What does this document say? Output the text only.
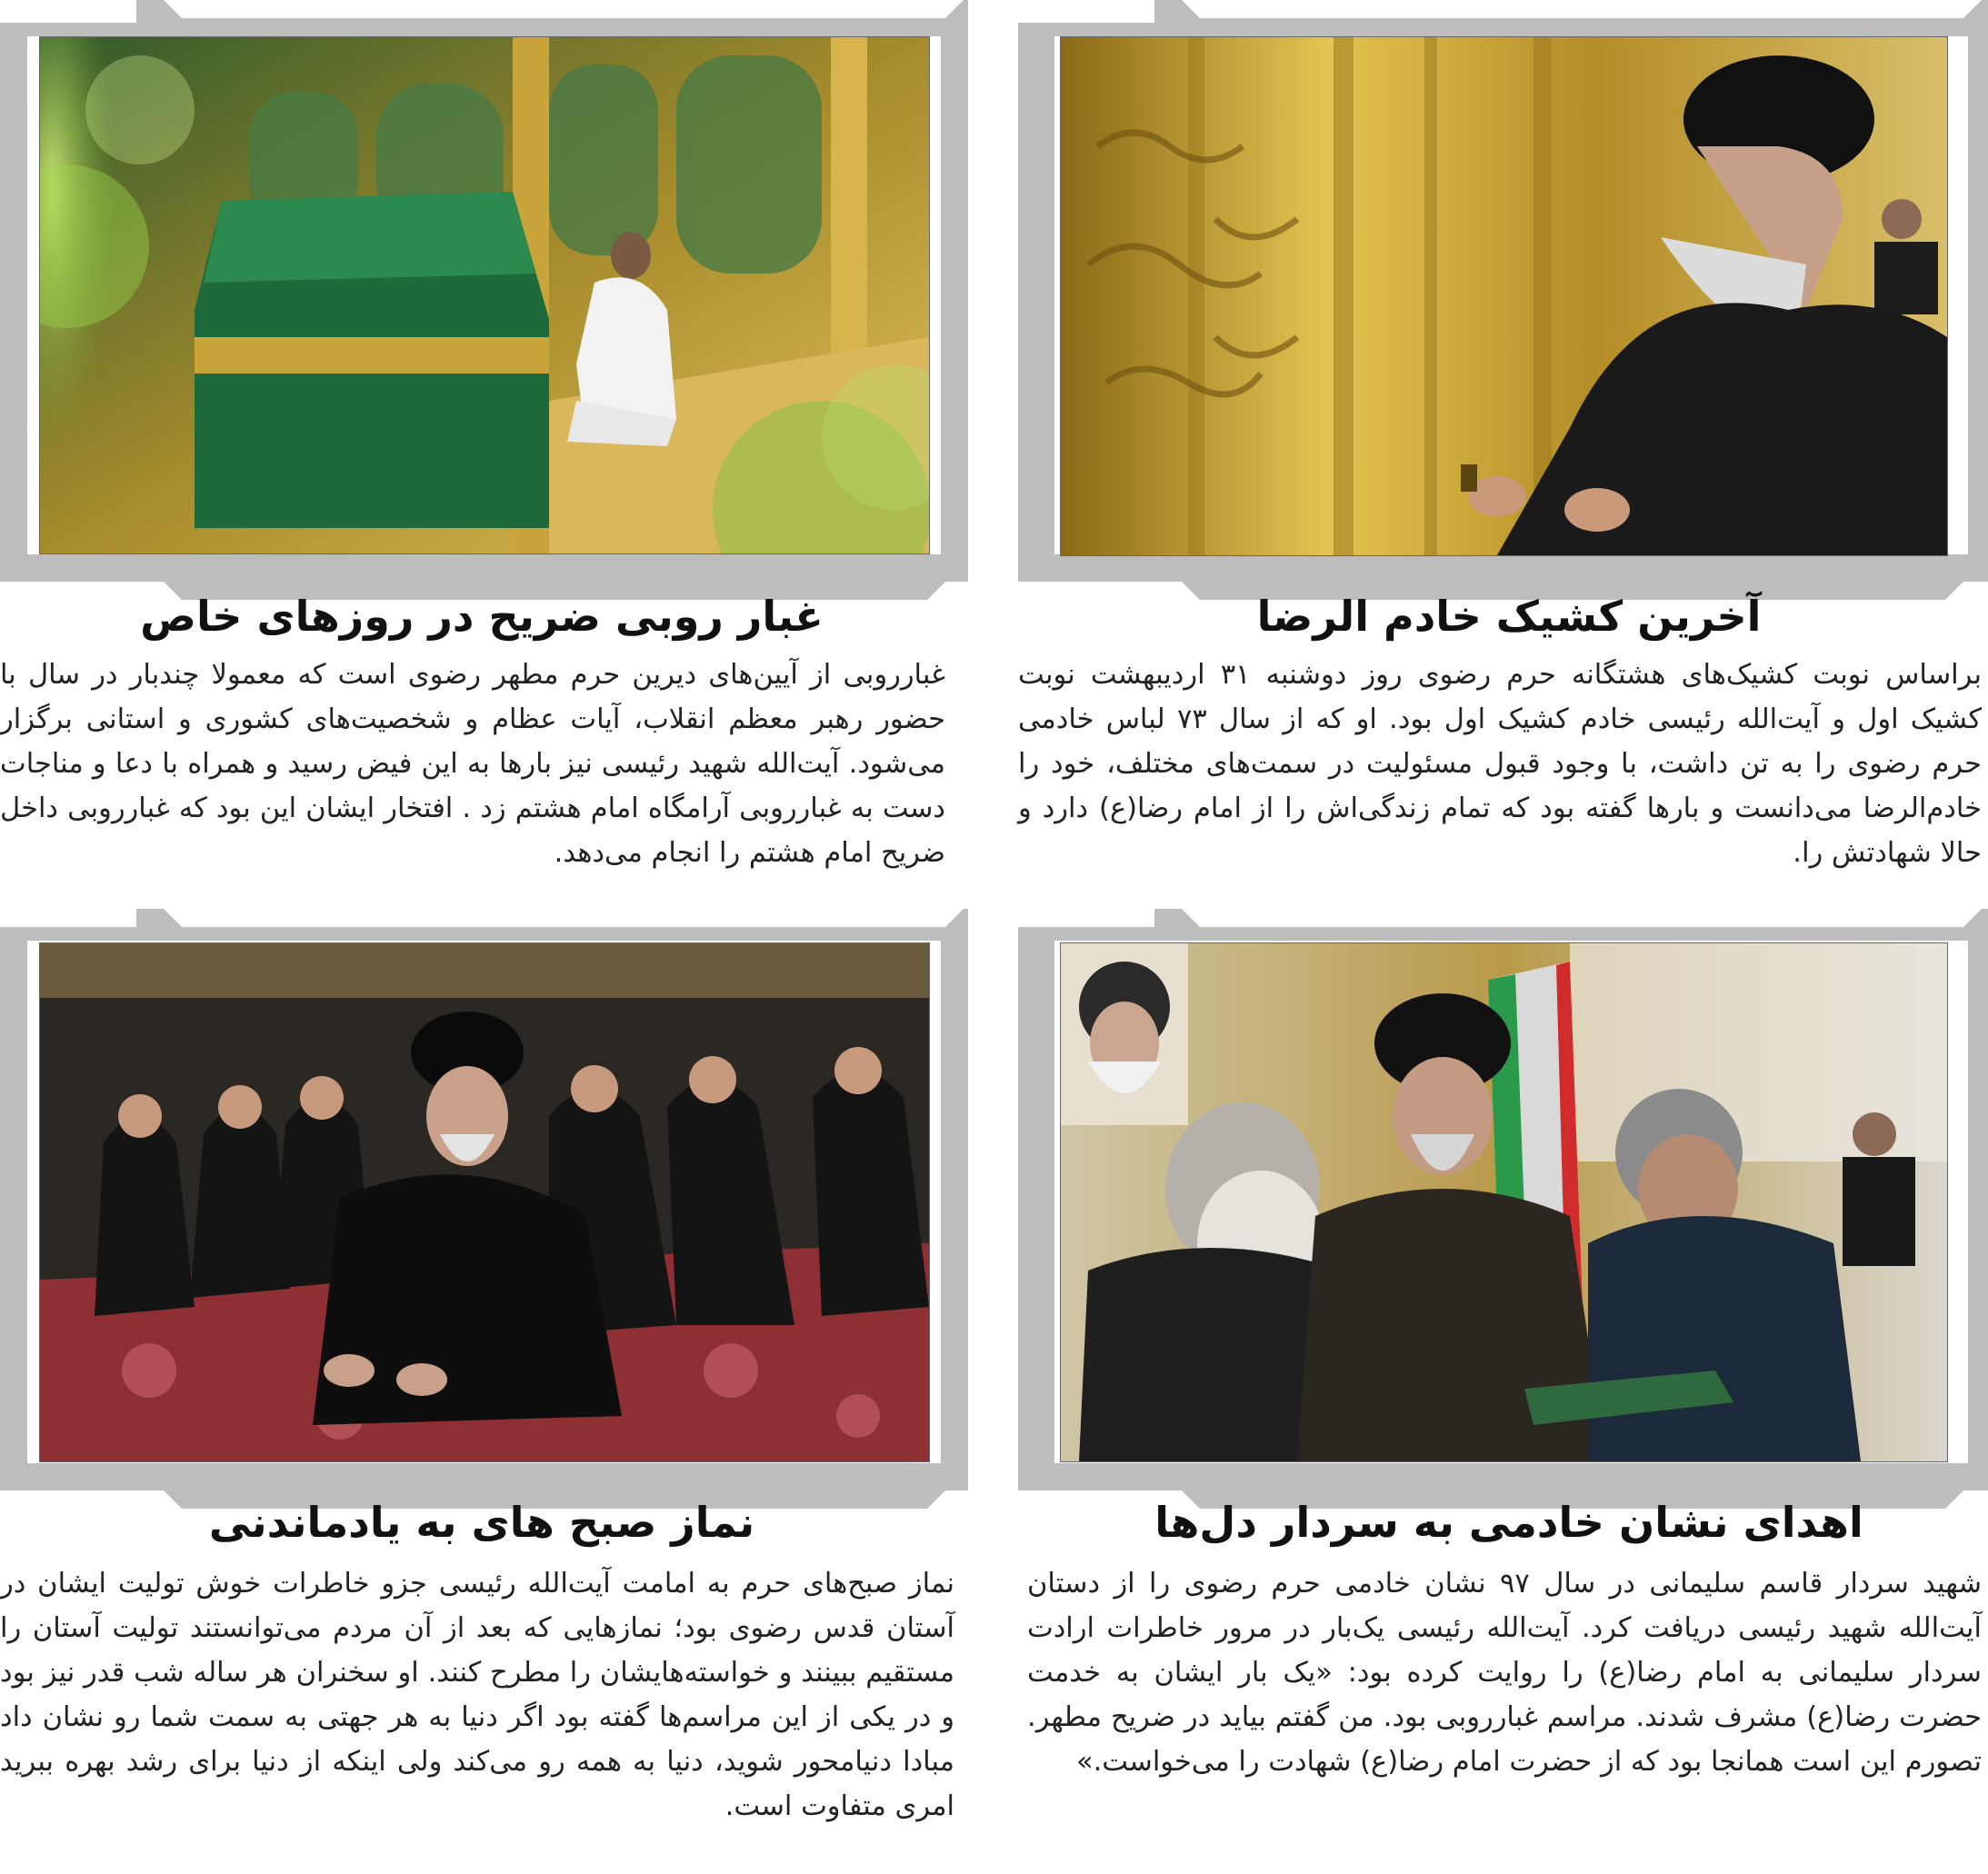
آخرین کشیک خادم الرضا
براساس نوبت کشیک‌های هشتگانه حرم رضوی روز دوشنبه ۳۱ اردیبهشت نوبت کشیک اول و آیت‌الله رئیسی خادم کشیک اول بود. او که از سال ۷۳ لباس خادمی حرم رضوی را به تن داشت، با وجود قبول مسئولیت در سمت‌های مختلف، خود را خادم‌الرضا می‌دانست و بارها گفته بود که تمام زندگی‌اش را از امام رضا(ع) دارد و حالا شهادتش را.
غبار روبی ضریح در روزهای خاص
غبارروبی از آیین‌های دیرین حرم مطهر رضوی است که معمولا چندبار در سال با حضور رهبر معظم انقلاب، آیات عظام و شخصیت‌های کشوری و استانی برگزار می‌شود. آیت‌الله شهید رئیسی نیز بارها به این فیض رسید و همراه با دعا و مناجات دست به غبارروبی آرامگاه امام هشتم زد . افتخار ایشان این بود که غبارروبی داخل ضریح امام هشتم را انجام می‌دهد.
اهدای نشان خادمی به سردار دل‌ها
شهید سردار قاسم سلیمانی در سال ۹۷ نشان خادمی حرم رضوی را از دستان آیت‌الله شهید رئیسی دریافت کرد. آیت‌الله رئیسی یک‌بار در مرور خاطرات ارادت سردار سلیمانی به امام رضا(ع) را روایت کرده بود: «یک بار ایشان به خدمت حضرت رضا(ع) مشرف شدند. مراسم غبارروبی بود. من گفتم بیاید در ضریح مطهر. تصورم این است همانجا بود که از حضرت امام رضا(ع) شهادت را می‌خواست.»
نماز صبح های به یادماندنی
نماز صبح‌های حرم به امامت آیت‌الله رئیسی جزو خاطرات خوش تولیت ایشان در آستان قدس رضوی بود؛ نمازهایی که بعد از آن مردم می‌توانستند تولیت آستان را مستقیم ببینند و خواسته‌هایشان را مطرح کنند. او سخنران هر ساله شب قدر نیز بود و در یکی از این مراسم‌ها گفته بود اگر دنیا به هر جهتی به سمت شما رو نشان داد مبادا دنیامحور شوید، دنیا به همه رو می‌کند ولی اینکه از دنیا برای رشد بهره ببرید امری متفاوت است.
